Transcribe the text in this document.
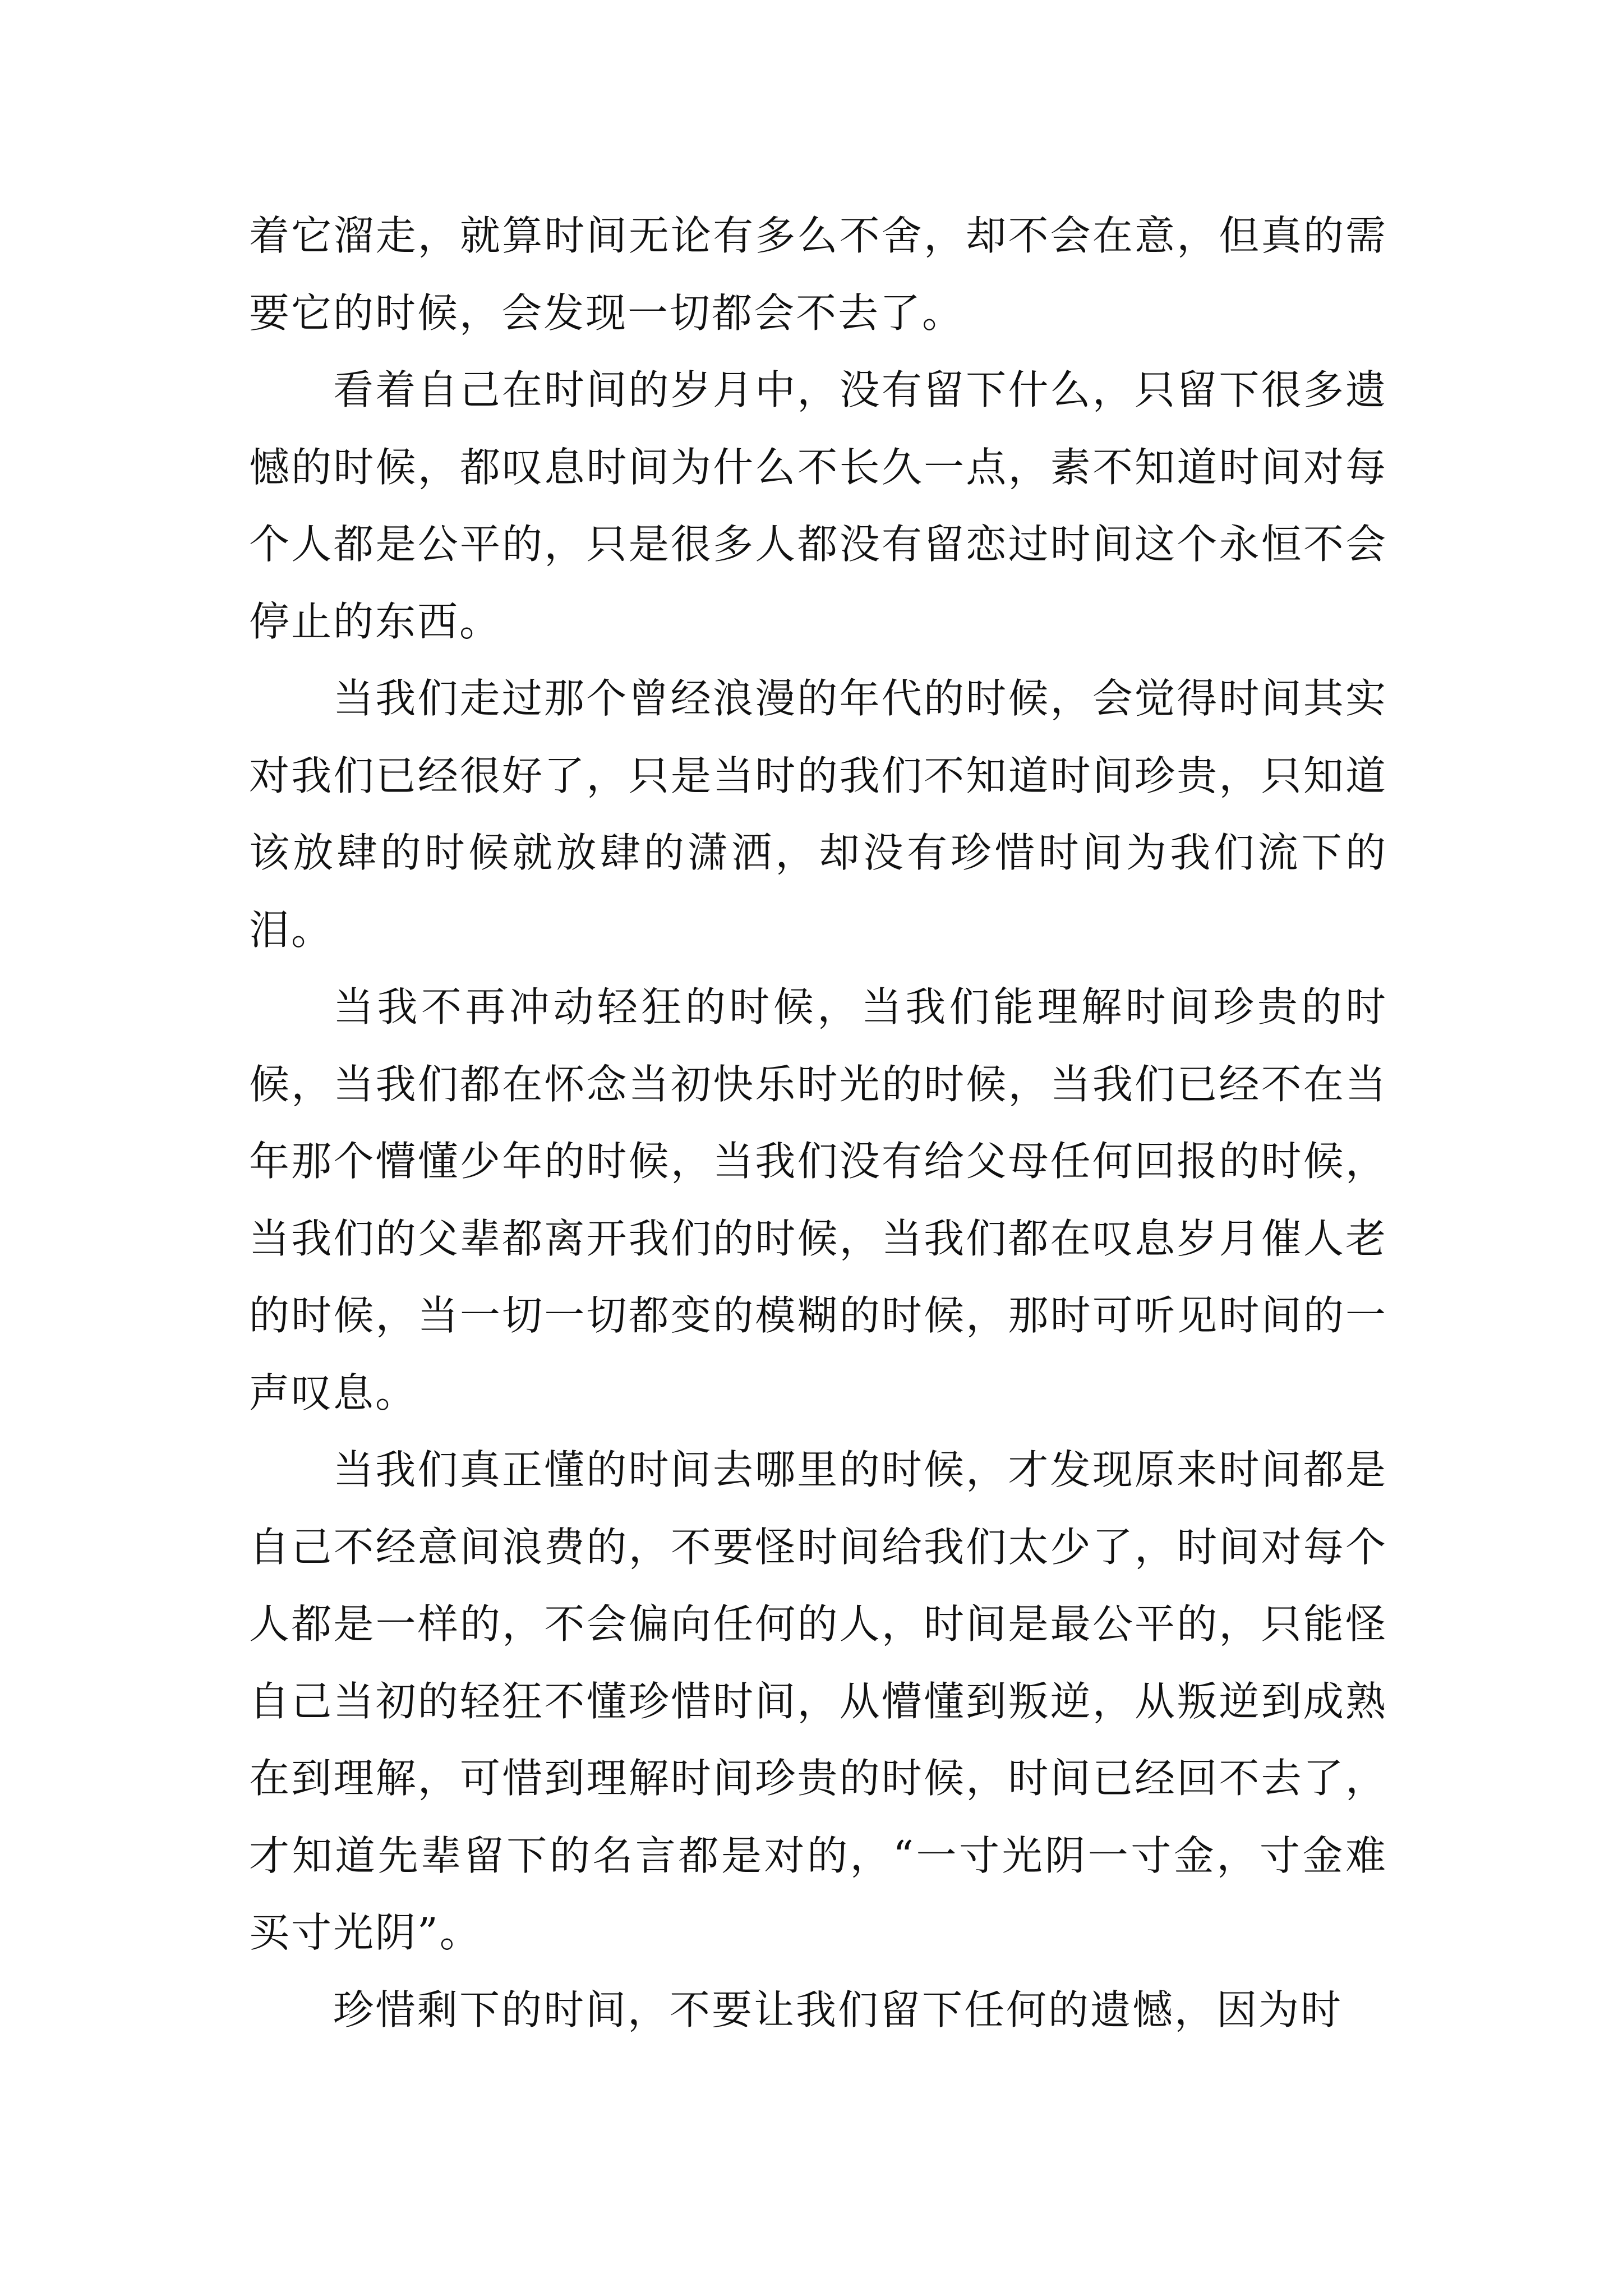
着它溜走，就算时间无论有多么不舍，却不会在意，但真的需要它的时候，会发现一切都会不去了。

看着自己在时间的岁月中，没有留下什么，只留下很多遗憾的时候，都叹息时间为什么不长久一点，素不知道时间对每个人都是公平的，只是很多人都没有留恋过时间这个永恒不会停止的东西。

当我们走过那个曾经浪漫的年代的时候，会觉得时间其实对我们已经很好了，只是当时的我们不知道时间珍贵，只知道该放肆的时候就放肆的潇洒，却没有珍惜时间为我们流下的泪。

当我不再冲动轻狂的时候，当我们能理解时间珍贵的时候，当我们都在怀念当初快乐时光的时候，当我们已经不在当年那个懵懂少年的时候，当我们没有给父母任何回报的时候，当我们的父辈都离开我们的时候，当我们都在叹息岁月催人老的时候，当一切一切都变的模糊的时候，那时可听见时间的一声叹息。

当我们真正懂的时间去哪里的时候，才发现原来时间都是自己不经意间浪费的，不要怪时间给我们太少了，时间对每个人都是一样的，不会偏向任何的人，时间是最公平的，只能怪自己当初的轻狂不懂珍惜时间，从懵懂到叛逆，从叛逆到成熟在到理解，可惜到理解时间珍贵的时候，时间已经回不去了，才知道先辈留下的名言都是对的，“一寸光阴一寸金，寸金难买寸光阴”。

珍惜剩下的时间，不要让我们留下任何的遗憾，因为时
